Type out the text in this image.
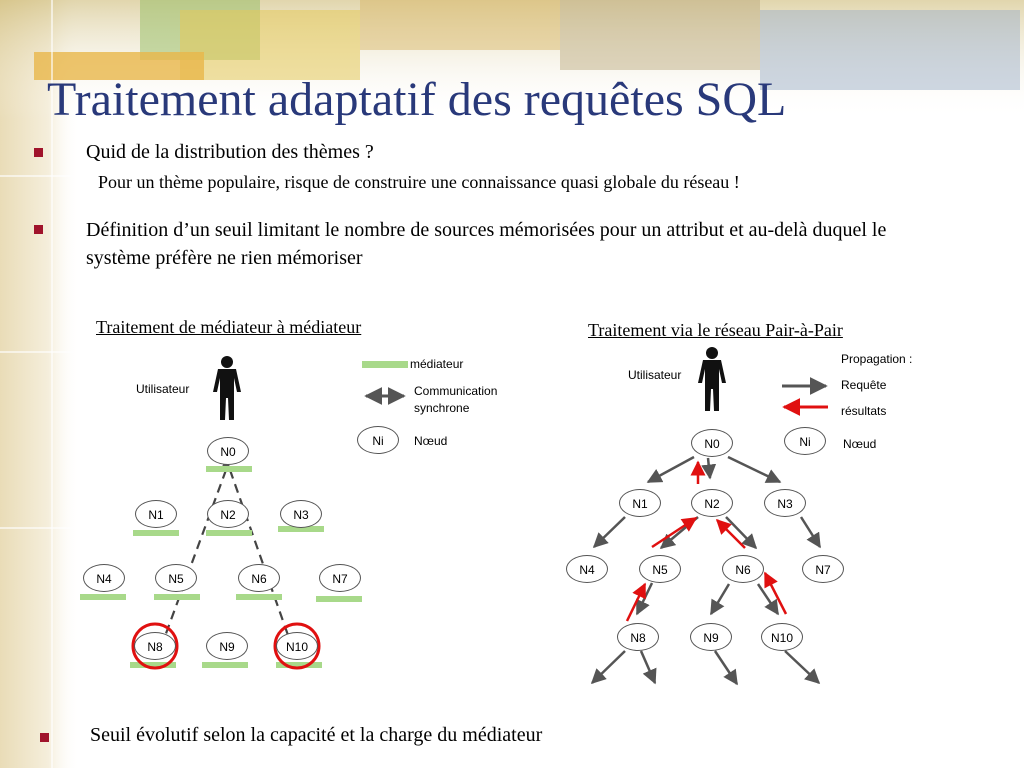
Traitement adaptatif des requêtes SQL
Quid de la distribution des thèmes ?
Pour un thème populaire, risque de construire une connaissance quasi globale du réseau !
Définition d’un seuil limitant le nombre de sources mémorisées pour un attribut et au-delà duquel le système préfère ne rien mémoriser
Seuil évolutif selon la capacité et la charge du médiateur
Traitement de médiateur à médiateur	Traitement via le réseau Pair-à-Pair
Utilisateur
médiateur
Communication synchrone
Ni	Nœud
N0
N1	N2	N3
N4	N5	N6	N7
N8	N9	N10
Utilisateur
Propagation :
Requête
résultats
Ni	Nœud
N0
N1	N2	N3
N4	N5	N6	N7
N8	N9	N10
